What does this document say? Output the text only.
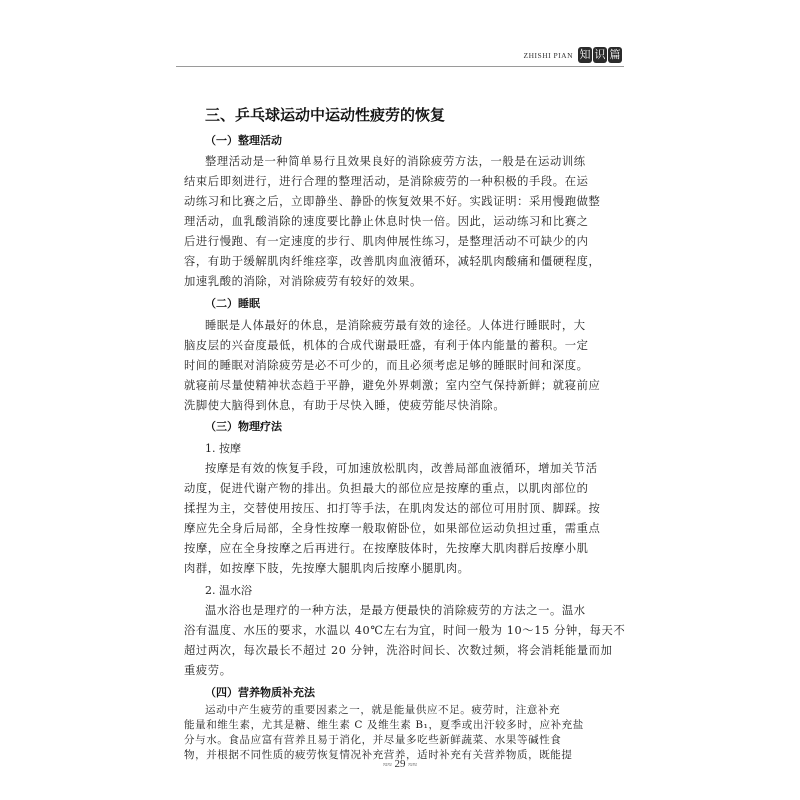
ZHISHI PIAN 知 识 篇
三、乒乓球运动中运动性疲劳的恢复
（一）整理活动
整理活动是一种简单易行且效果良好的消除疲劳方法，一般是在运动训练
结束后即刻进行，进行合理的整理活动，是消除疲劳的一种积极的手段。在运
动练习和比赛之后，立即静坐、静卧的恢复效果不好。实践证明：采用慢跑做整
理活动，血乳酸消除的速度要比静止休息时快一倍。因此，运动练习和比赛之
后进行慢跑、有一定速度的步行、肌肉伸展性练习，是整理活动不可缺少的内
容，有助于缓解肌肉纤维痉挛，改善肌肉血液循环，减轻肌肉酸痛和僵硬程度，
加速乳酸的消除，对消除疲劳有较好的效果。
（二）睡眠
睡眠是人体最好的休息，是消除疲劳最有效的途径。人体进行睡眠时，大
脑皮层的兴奋度最低，机体的合成代谢最旺盛，有利于体内能量的蓄积。一定
时间的睡眠对消除疲劳是必不可少的，而且必须考虑足够的睡眠时间和深度。
就寝前尽量使精神状态趋于平静，避免外界刺激；室内空气保持新鲜；就寝前应
洗脚使大脑得到休息，有助于尽快入睡，使疲劳能尽快消除。
（三）物理疗法
1. 按摩
按摩是有效的恢复手段，可加速放松肌肉，改善局部血液循环，增加关节活
动度，促进代谢产物的排出。负担最大的部位应是按摩的重点，以肌肉部位的
揉捏为主，交替使用按压、扣打等手法，在肌肉发达的部位可用肘顶、脚踩。按
摩应先全身后局部，全身性按摩一般取俯卧位，如果部位运动负担过重，需重点
按摩，应在全身按摩之后再进行。在按摩肢体时，先按摩大肌肉群后按摩小肌
肉群，如按摩下肢，先按摩大腿肌肉后按摩小腿肌肉。
2. 温水浴
温水浴也是理疗的一种方法，是最方便最快的消除疲劳的方法之一。温水
浴有温度、水压的要求，水温以 40℃左右为宜，时间一般为 10～15 分钟，每天不
超过两次，每次最长不超过 20 分钟，洗浴时间长、次数过频，将会消耗能量而加
重疲劳。
（四）营养物质补充法
≈≈ 29 ≈≈
运动中产生疲劳的重要因素之一，就是能量供应不足。疲劳时，注意补充
能量和维生素，尤其是糖、维生素 C 及维生素 B₁，夏季或出汗较多时，应补充盐
分与水。食品应富有营养且易于消化，并尽量多吃些新鲜蔬菜、水果等碱性食
物，并根据不同性质的疲劳恢复情况补充营养，适时补充有关营养物质，既能提
